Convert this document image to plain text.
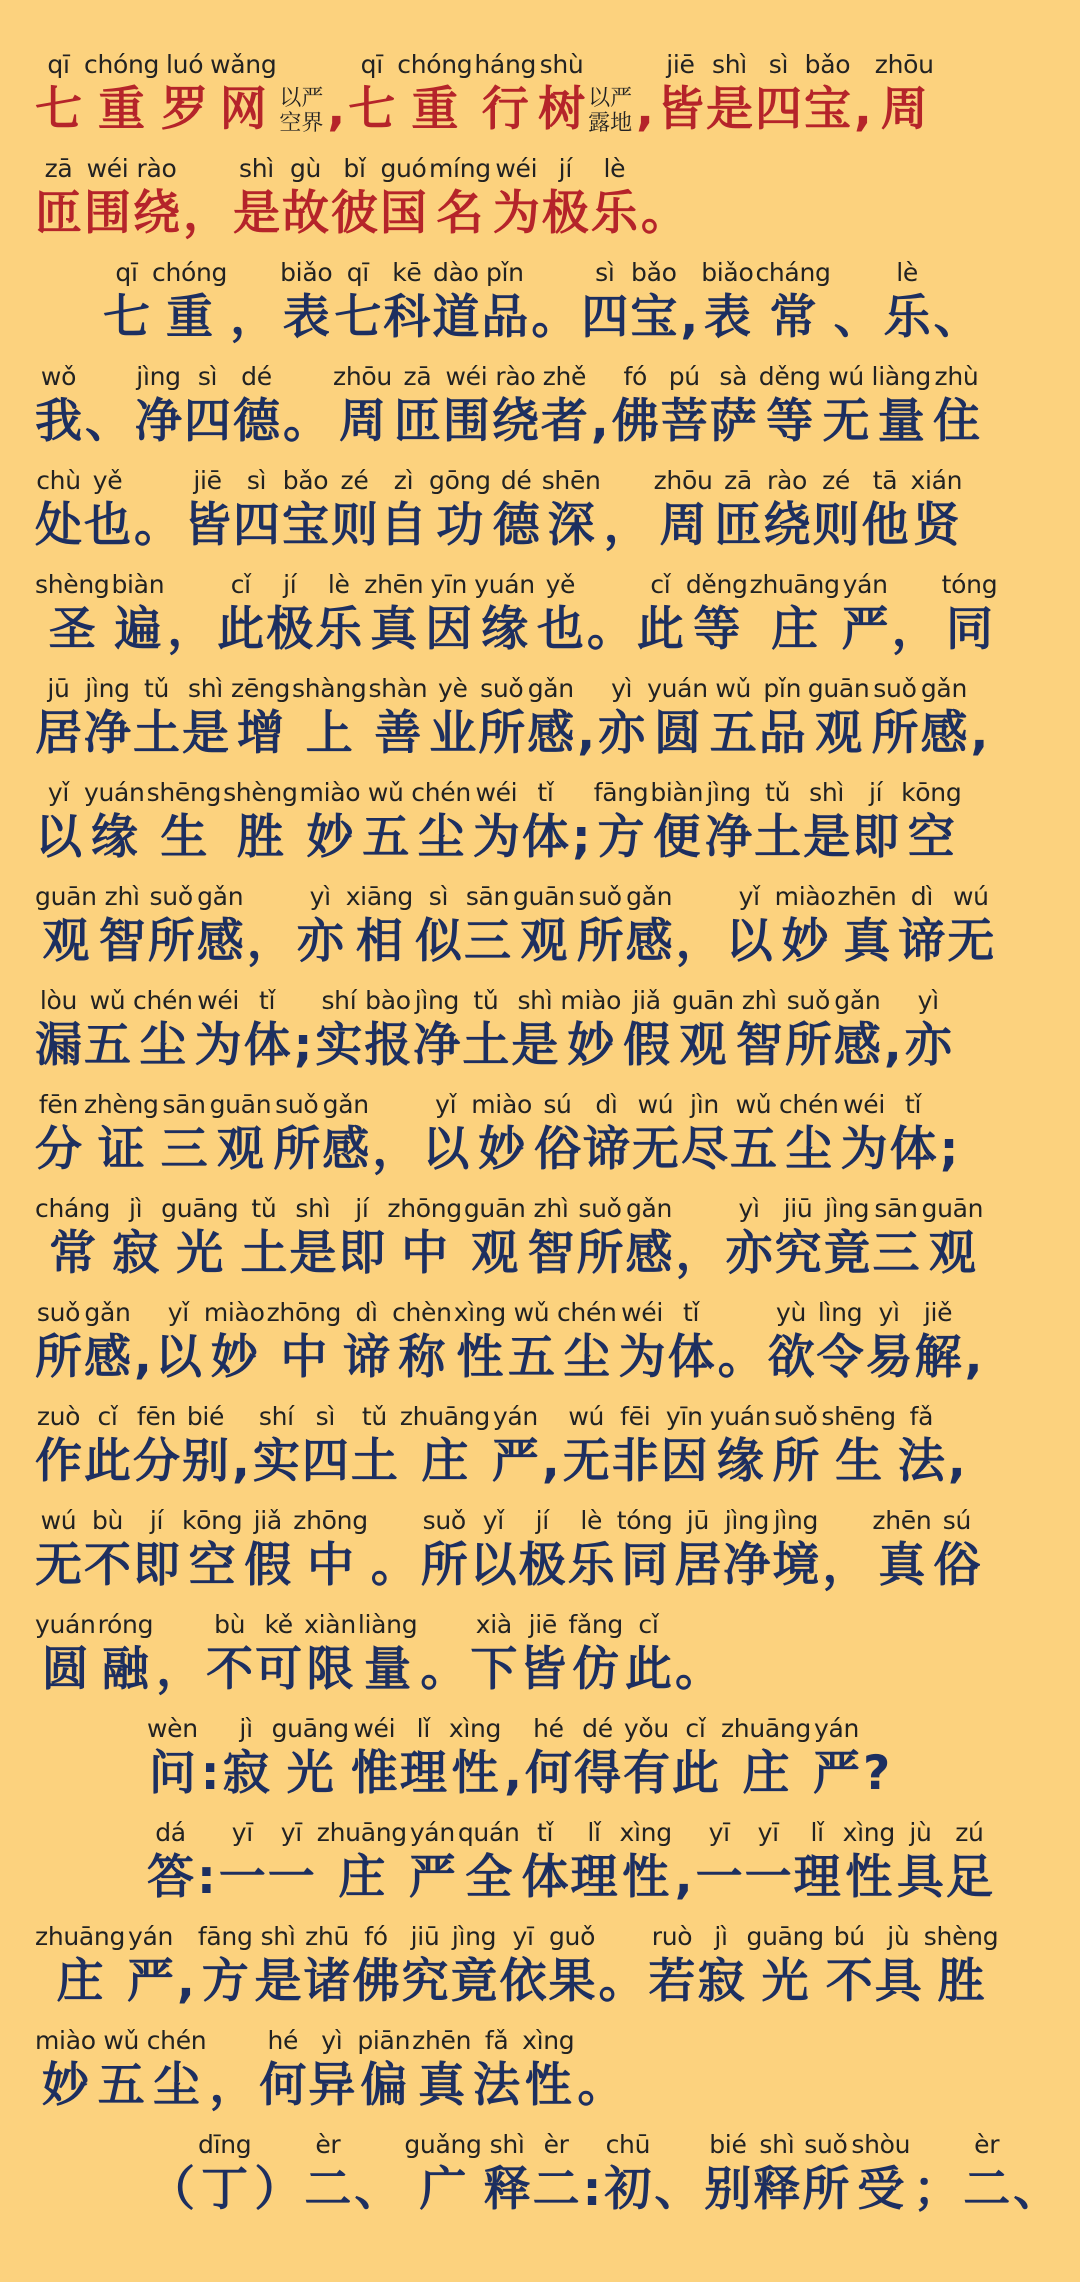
qī
七
chóng
重
luó
罗
wǎng
网 以严
空界 ,
qī
七
chóng
重
háng
行
shù
树 以严
露地 ,
jiē
皆
shì
是
sì
四
bǎo
宝 ,
zhōu
周
zā
匝
wéi
围
rào
绕 ，
shì
是
gù
故
bǐ
彼
guó
国
míng
名
wéi
为
jí
极
lè
乐 。
qī
七
chóng
重 ，
biǎo
表
qī
七
kē
科
dào
道
pǐn
品 。
sì
四
bǎo
宝 ,
biǎo
表
cháng
常 、
lè
乐 、
wǒ
我 、
jìng
净
sì
四
dé
德 。
zhōu
周
zā
匝
wéi
围
rào
绕
zhě
者 ,
fó
佛
pú
菩
sà
萨
děng
等
wú
无
liàng
量
zhù
住
chù
处
yě
也 。
jiē
皆
sì
四
bǎo
宝
zé
则
zì
自
gōng
功
dé
德
shēn
深 ，
zhōu
周
zā
匝
rào
绕
zé
则
tā
他
xián
贤
shèng
圣
biàn
遍 ，
cǐ
此
jí
极
lè
乐
zhēn
真
yīn
因
yuán
缘
yě
也 。
cǐ
此
děng
等
zhuāng
庄
yán
严 ，
tóng
同
jū
居
jìng
净
tǔ
土
shì
是
zēng
增
shàng
上
shàn
善
yè
业
suǒ
所
gǎn
感 ,
yì
亦
yuán
圆
wǔ
五
pǐn
品
guān
观
suǒ
所
gǎn
感 ,
yǐ
以
yuán
缘
shēng
生
shèng
胜
miào
妙
wǔ
五
chén
尘
wéi
为
tǐ
体 ;
fāng
方
biàn
便
jìng
净
tǔ
土
shì
是
jí
即
kōng
空
guān
观
zhì
智
suǒ
所
gǎn
感 ，
yì
亦
xiāng
相
sì
似
sān
三
guān
观
suǒ
所
gǎn
感 ，
yǐ
以
miào
妙
zhēn
真
dì
谛
wú
无
lòu
漏
wǔ
五
chén
尘
wéi
为
tǐ
体 ;
shí
实
bào
报
jìng
净
tǔ
土
shì
是
miào
妙
jiǎ
假
guān
观
zhì
智
suǒ
所
gǎn
感 ,
yì
亦
fēn
分
zhèng
证
sān
三
guān
观
suǒ
所
gǎn
感 ，
yǐ
以
miào
妙
sú
俗
dì
谛
wú
无
jìn
尽
wǔ
五
chén
尘
wéi
为
tǐ
体 ;
cháng
常
jì
寂
guāng
光
tǔ
土
shì
是
jí
即
zhōng
中
guān
观
zhì
智
suǒ
所
gǎn
感 ，
yì
亦
jiū
究
jìng
竟
sān
三
guān
观
suǒ
所
gǎn
感 ,
yǐ
以
miào
妙
zhōng
中
dì
谛
chèn
称
xìng
性
wǔ
五
chén
尘
wéi
为
tǐ
体 。
yù
欲
lìng
令
yì
易
jiě
解 ,
zuò
作
cǐ
此
fēn
分
bié
别 ,
shí
实
sì
四
tǔ
土
zhuāng
庄
yán
严 ,
wú
无
fēi
非
yīn
因
yuán
缘
suǒ
所
shēng
生
fǎ
法 ,
wú
无
bù
不
jí
即
kōng
空
jiǎ
假
zhōng
中 。
suǒ
所
yǐ
以
jí
极
lè
乐
tóng
同
jū
居
jìng
净
jìng
境 ，
zhēn
真
sú
俗
yuán
圆
róng
融 ，
bù
不
kě
可
xiàn
限
liàng
量 。
xià
下
jiē
皆
fǎng
仿
cǐ
此 。
wèn
问 :
jì
寂
guāng
光
wéi
惟
lǐ
理
xìng
性 ,
hé
何
dé
得
yǒu
有
cǐ
此
zhuāng
庄
yán
严 ?
dá
答 :
yī
一
yī
一
zhuāng
庄
yán
严
quán
全
tǐ
体
lǐ
理
xìng
性 ,
yī
一
yī
一
lǐ
理
xìng
性
jù
具
zú
足
zhuāng
庄
yán
严 ,
fāng
方
shì
是
zhū
诸
fó
佛
jiū
究
jìng
竟
yī
依
guǒ
果 。
ruò
若
jì
寂
guāng
光
bú
不
jù
具
shèng
胜
miào
妙
wǔ
五
chén
尘 ，
hé
何
yì
异
piān
偏
zhēn
真
fǎ
法
xìng
性 。
（
dīng
丁 ）
èr
二 、
guǎng
广
shì
释
èr
二 :
chū
初 、
bié
别
shì
释
suǒ
所
shòu
受 ；
èr
二 、
